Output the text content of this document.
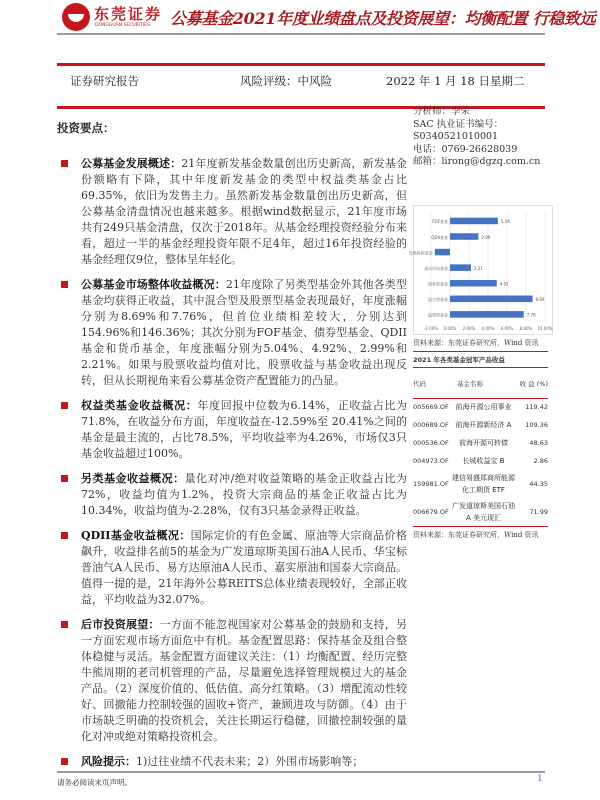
东莞证券
DONGGUAN SECURITIES 公募基金2021年度业绩盘点及投资展望：均衡配置 行稳致远
证券研究报告	风险评级：中风险	2022 年 1 月 18 日星期二
投资要点：
公募基金发展概述：21年度新发基金数量创出历史新高，新发基金份额略有下降，其中年度新发基金的类型中权益类基金占比69.35%，依旧为发售主力。虽然新发基金数量创出历史新高，但公募基金清盘情况也越来越多。根据wind数据显示，21年度市场共有249只基金清盘，仅次于2018年。从基金经理投资经验分布来看，超过一半的基金经理投资年限不足4年，超过16年投资经验的基金经理仅9位，整体呈年轻化。
公募基金市场整体收益概况：21年度除了另类型基金外其他各类型基金均获得正收益，其中混合型及股票型基金表现最好，年度涨幅分别为8.69%和7.76%，但首位业绩相差较大，分别达到154.96%和146.36%；其次分别为FOF基金、债券型基金、QDII基金和货币基金，年度涨幅分别为5.04%、4.92%、2.99%和2.21%。如果与股票收益均值对比，股票收益与基金收益出现反转，但从长期视角来看公募基金资产配置能力的凸显。
权益类基金收益概况：年度回报中位数为6.14%，正收益占比为71.8%，在收益分布方面，年度收益在-12.59%至 20.41%之间的基金是最主流的，占比78.5%，平均收益率为4.26%，市场仅3只基金收益超过100%。
另类基金收益概况：量化对冲/绝对收益策略的基金正收益占比为72%，收益均值为1.2%，投资大宗商品的基金正收益占比为10.34%，收益均值为-2.28%，仅有3只基金录得正收益。
QDII基金收益概况：国际定价的有色金属、原油等大宗商品价格飙升，收益排名前5的基金为广发道琼斯美国石油A人民币、华宝标普油气A人民币、易方达原油A人民币、嘉实原油和国泰大宗商品。值得一提的是，21年海外公募REITS总体业绩表现较好，全部正收益，平均收益为32.07%。
后市投资展望：一方面不能忽视国家对公募基金的鼓励和支持，另一方面宏观市场方面危中有机。基金配置思路：保持基金及组合整体稳健与灵活。基金配置方面建议关注：（1）均衡配置、经历完整牛熊周期的老司机管理的产品，尽量避免选择管理规模过大的基金产品。（2）深度价值的、低估值、高分红策略。（3）增配流动性较好、回撤能力控制较强的固收+资产，兼顾进攻与防御。（4）由于市场缺乏明确的投资机会，关注长期运行稳健，回撤控制较强的量化对冲或绝对策略投资机会。
风险提示：1)过往业绩不代表未来；2）外围市场影响等；
分析师：李荣
SAC 执业证书编号：
S0340521010001
电话：0769-26628039
邮箱：lirong@dgzq.com.cn
-2.00% 0.00% 2.00% 4.00% 6.00% 8.00% 10.00%
FOF基金	5.04
QDII基金	2.99
另类投资基金
货币市场基金	2.21
债券型基金	4.92
混合型基金	8.69
股票型基金	7.76
资料来源：东莞证券研究所，Wind 资讯
2021 年各类基金冠军产品收益
代码	基金名称	收 益 (%)
005669.OF	前海开源公用事业	119.42
000689.OF	前海开源新经济 A	109.36
000536.OF	前海开源可转债	48.63
004973.OF	长城收益宝 B	2.86
159981.OF	建信易盛郑商所能源化工期货 ETF	44.35
006679.OF	广发道琼斯美国石油 A 美元现汇	71.99
资料来源：东莞证券研究所，Wind 资讯
请务必阅读末页声明。	1
